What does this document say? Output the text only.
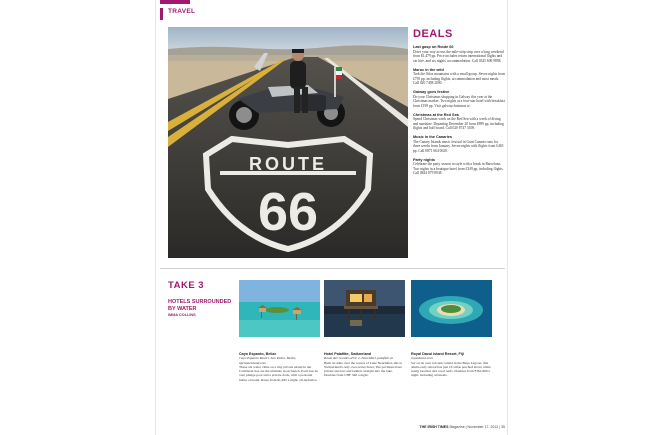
TRAVEL
ROUTE
66
DEALS
Last gasp on Route 66
Drive your way across the mile-strip strip over a long weekend from $1,479 pp. Price includes return international flights and car hire, and six nights' accommodation. Call 0345 606 9898.
Maroc in the wild
Trek the Atlas mountains with a small group. Seven nights from £795 pp, including flights, accommodation and most meals. Call 020 7498 2000.
Galway goes festive
Do your Christmas shopping in Galway this year at the Christmas market. Two nights at a four-star hotel with breakfast from £199 pp. Visit galwaychristmas.ie.
Christmas at the Red Sea
Spend Christmas week on the Red Sea with a week of diving and sunshine. Departing December 20 from £899 pp, including flights and half board. Call 020 8747 3108.
Music in the Canaries
The Canary Islands music festival in Gran Canaria runs for three weeks from January. Seven nights with flights from £465 pp. Call 0871 664 0020.
Party nights
Celebrate the party season in style with a break in Barcelona. Two nights in a boutique hotel from £349 pp, including flights. Call 0844 879 8038.
TAKE 3
HOTELS SURROUNDED BY WATER
IMMA COLLINS
Cayo Espanto, Belize
Cayo Espanto Resort, San Pedro, Belize, aprivateisland.com
These six water villas on a tiny private island in the Caribbean Sea are the ultimate in seclusion. Each has its own plunge pool and a private dock, with a personal butler on hand. Rates from $1,495 a night, all-inclusive.
Hotel Palafitte, Switzerland
Route des Gouttes-d'Or 2, Neuchâtel, palafitte.ch
Built on stilts over the waters of Lake Neuchâtel, this is Switzerland's only over-water hotel. The pavilions have private terraces and ladders straight into the lake. Doubles from CHF 540 a night.
Royal Davui Island Resort, Fiji
royaldavui.com
Set on its own volcanic island in the Beqa Lagoon, this adults-only retreat has just 16 villas perched above white sandy beaches and coral reefs. Doubles from FJ$1,900 a night, including all meals.
THE IRISH TIMES Magazine | November 17, 2012 | 35
